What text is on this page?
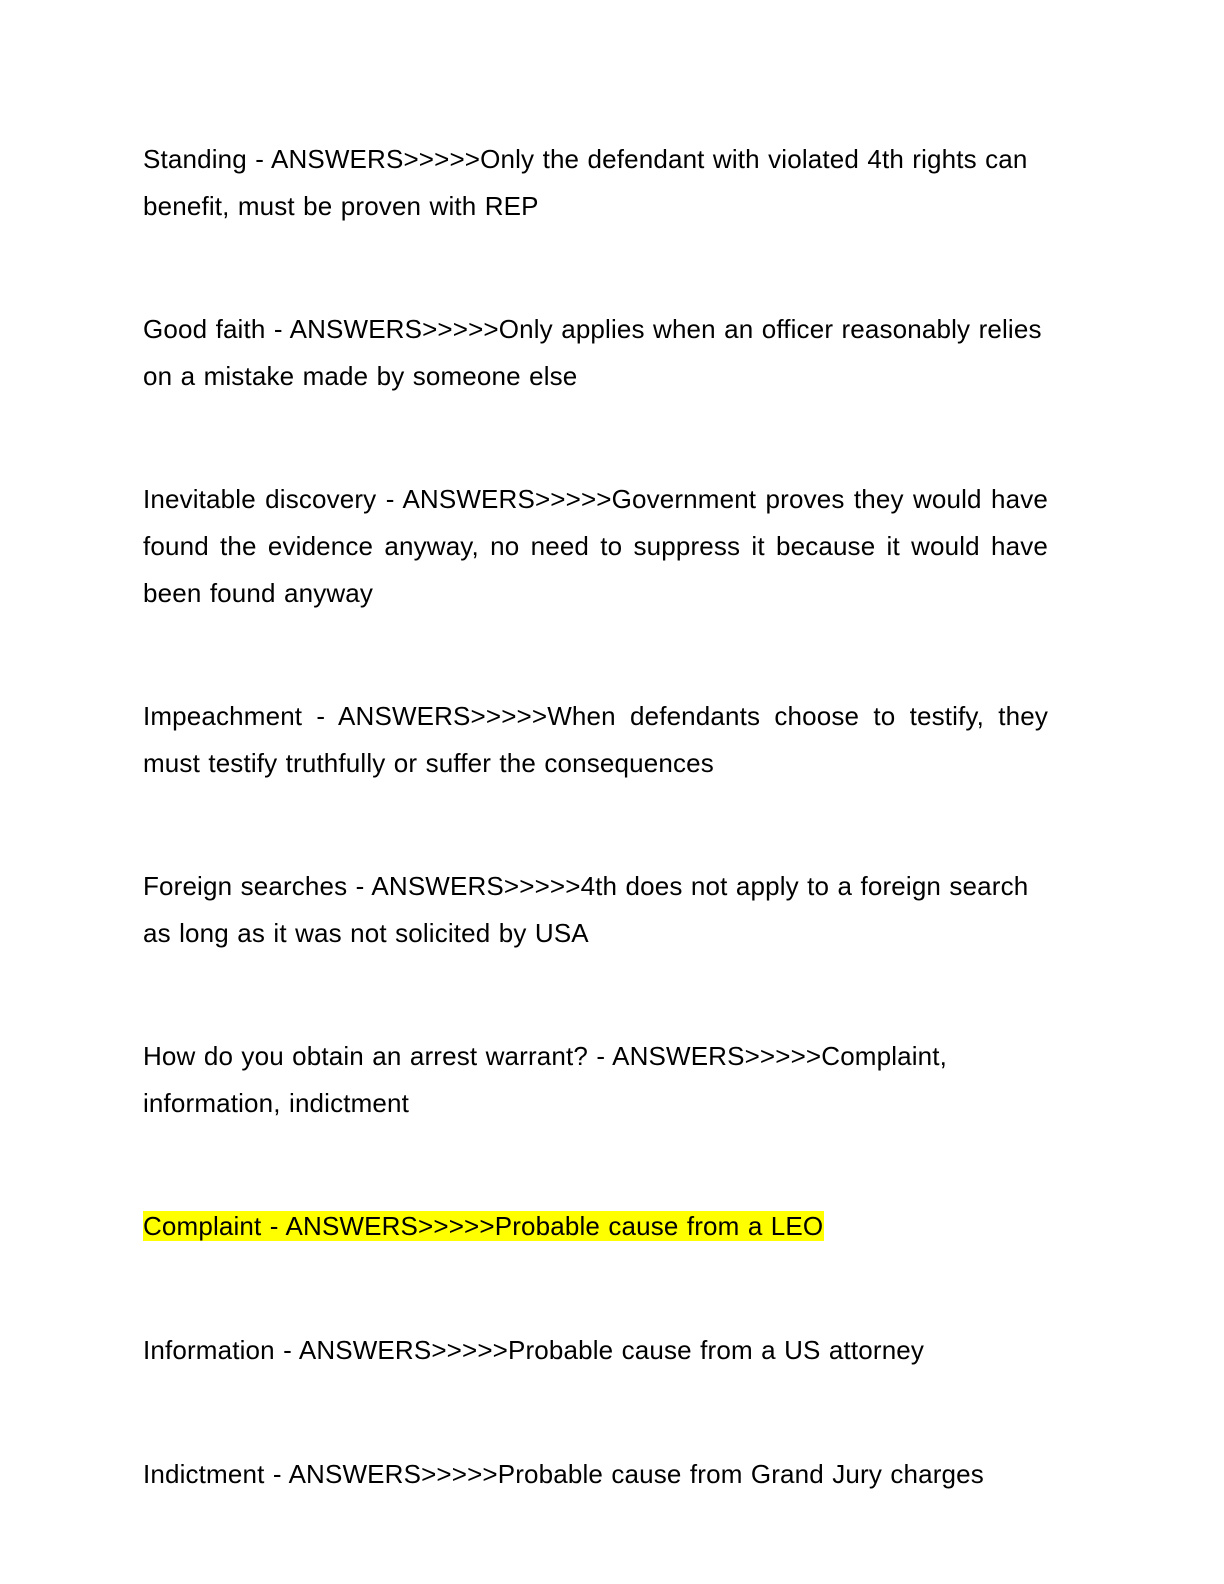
Standing - ANSWERS>>>>>Only the defendant with violated 4th rights can benefit, must be proven with REP
Good faith - ANSWERS>>>>>Only applies when an officer reasonably relies on a mistake made by someone else
Inevitable discovery - ANSWERS>>>>>Government proves they would have found the evidence anyway, no need to suppress it because it would have been found anyway
Impeachment - ANSWERS>>>>>When defendants choose to testify, they must testify truthfully or suffer the consequences
Foreign searches - ANSWERS>>>>>4th does not apply to a foreign search as long as it was not solicited by USA
How do you obtain an arrest warrant? - ANSWERS>>>>>Complaint, information, indictment
Complaint - ANSWERS>>>>>Probable cause from a LEO
Information - ANSWERS>>>>>Probable cause from a US attorney
Indictment - ANSWERS>>>>>Probable cause from Grand Jury charges
